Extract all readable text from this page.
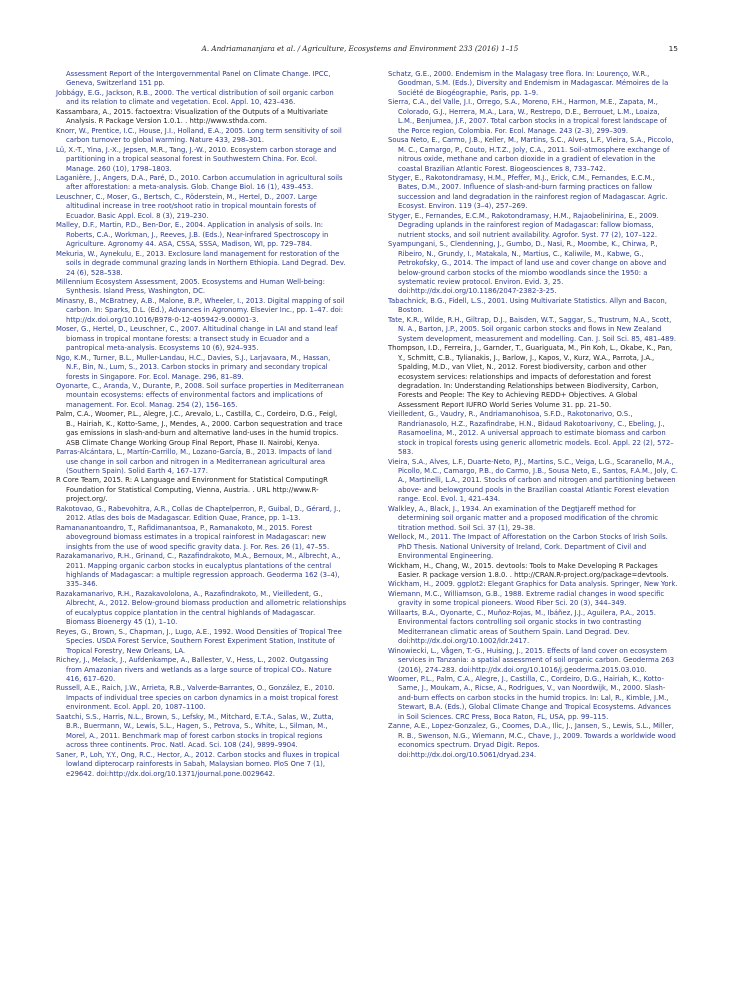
A. Andriamananjara et al. / Agriculture, Ecosystems and Environment 233 (2016) 1–15	15

Assessment Report of the Intergovernmental Panel on Climate Change. IPCC, Geneva, Switzerland 151 pp.

Jobbágy, E.G., Jackson, R.B., 2000. The vertical distribution of soil organic carbon and its relation to climate and vegetation. Ecol. Appl. 10, 423–436.

Kassambara, A., 2015. factoextra: Visualization of the Outputs of a Multivariate Analysis. R Package Version 1.0.1. . http://www.sthda.com.

Knorr, W., Prentice, I.C., House, J.I., Holland, E.A., 2005. Long term sensitivity of soil carbon turnover to global warming. Nature 433, 298–301.

Lü, X.-T., Yina, J.-X., Jepsen, M.R., Tang, J.-W., 2010. Ecosystem carbon storage and partitioning in a tropical seasonal forest in Southwestern China. For. Ecol. Manage. 260 (10), 1798–1803.

Laganière, J., Angers, D.A., Paré, D., 2010. Carbon accumulation in agricultural soils after afforestation: a meta-analysis. Glob. Change Biol. 16 (1), 439–453.

Leuschner, C., Moser, G., Bertsch, C., Röderstein, M., Hertel, D., 2007. Large altitudinal increase in tree root/shoot ratio in tropical mountain forests of Ecuador. Basic Appl. Ecol. 8 (3), 219–230.

Malley, D.F., Martin, P.D., Ben-Dor, E., 2004. Application in analysis of soils. In: Roberts, C.A., Workman, J., Reeves, J.B. (Eds.), Near-infrared Spectroscopy in Agriculture. Agronomy 44. ASA, CSSA, SSSA, Madison, WI, pp. 729–784.

Mekuria, W., Aynekulu, E., 2013. Exclosure land management for restoration of the soils in degrade communal grazing lands in Northern Ethiopia. Land Degrad. Dev. 24 (6), 528–538.

Millennium Ecosystem Assessment, 2005. Ecosystems and Human Well-being: Synthesis. Island Press, Washington, DC.

Minasny, B., McBratney, A.B., Malone, B.P., Wheeler, I., 2013. Digital mapping of soil carbon. In: Sparks, D.L. (Ed.), Advances in Agronomy. Elsevier Inc., pp. 1–47. doi: http://dx.doi.org/10.1016/B978-0-12-405942-9.00001-3.

Moser, G., Hertel, D., Leuschner, C., 2007. Altitudinal change in LAI and stand leaf biomass in tropical montane forests: a transect study in Ecuador and a pantropical meta-analysis. Ecosystems 10 (6), 924–935.

Ngo, K.M., Turner, B.L., Muller-Landau, H.C., Davies, S.J., Larjavaara, M., Hassan, N.F., Bin, N., Lum, S., 2013. Carbon stocks in primary and secondary tropical forests in Singapore. For. Ecol. Manage. 296, 81–89.

Oyonarte, C., Aranda, V., Durante, P., 2008. Soil surface properties in Mediterranean mountain ecosystems: effects of environmental factors and implications of management. For. Ecol. Manag. 254 (2), 156–165.

Palm, C.A., Woomer, P.L., Alegre, J.C., Arevalo, L., Castilla, C., Cordeiro, D.G., Feigl, B., Hairiah, K., Kotto-Same, J., Mendes, A., 2000. Carbon sequestration and trace gas emissions in slash-and-burn and alternative land-uses in the humid tropics. ASB Climate Change Working Group Final Report, Phase II. Nairobi, Kenya.

Parras-Alcántara, L., Martín-Carrillo, M., Lozano-García, B., 2013. Impacts of land use change in soil carbon and nitrogen in a Mediterranean agricultural area (Southern Spain). Solid Earth 4, 167–177.

R Core Team, 2015. R: A Language and Environment for Statistical ComputingR Foundation for Statistical Computing, Vienna, Austria. . URL http://www.R-project.org/.

Rakotovao, G., Rabevohitra, A.R., Collas de Chaptelperron, P., Guibal, D., Gérard, J., 2012. Atlas des bois de Madagascar. Edition Quae, France, pp. 1–13.

Ramananantoandro, T., Rafidimanantsoa, P., Ramanakoto, M., 2015. Forest aboveground biomass estimates in a tropical rainforest in Madagascar: new insights from the use of wood specific gravity data. J. For. Res. 26 (1), 47–55.

Razakamanarivo, R.H., Grinand, C., Razafindrakoto, M.A., Bernoux, M., Albrecht, A., 2011. Mapping organic carbon stocks in eucalyptus plantations of the central highlands of Madagascar: a multiple regression approach. Geoderma 162 (3–4), 335–346.

Razakamanarivo, R.H., Razakavololona, A., Razafindrakoto, M., Vieilledent, G., Albrecht, A., 2012. Below-ground biomass production and allometric relationships of eucalyptus coppice plantation in the central highlands of Madagascar. Biomass Bioenergy 45 (1), 1–10.

Reyes, G., Brown, S., Chapman, J., Lugo, A.E., 1992. Wood Densities of Tropical Tree Species. USDA Forest Service, Southern Forest Experiment Station, Institute of Tropical Forestry, New Orleans, LA.

Richey, J., Melack, J., Aufdenkampe, A., Ballester, V., Hess, L., 2002. Outgassing from Amazonian rivers and wetlands as a large source of tropical CO₂. Nature 416, 617–620.

Russell, A.E., Raich, J.W., Arrieta, R.B., Valverde-Barrantes, O., González, E., 2010. Impacts of individual tree species on carbon dynamics in a moist tropical forest environment. Ecol. Appl. 20, 1087–1100.

Saatchi, S.S., Harris, N.L., Brown, S., Lefsky, M., Mitchard, E.T.A., Salas, W., Zutta, B.R., Buermann, W., Lewis, S.L., Hagen, S., Petrova, S., White, L., Silman, M., Morel, A., 2011. Benchmark map of forest carbon stocks in tropical regions across three continents. Proc. Natl. Acad. Sci. 108 (24), 9899–9904.

Saner, P., Loh, Y.Y., Ong, R.C., Hector, A., 2012. Carbon stocks and fluxes in tropical lowland dipterocarp rainforests in Sabah, Malaysian borneo. PloS One 7 (1), e29642. doi:http://dx.doi.org/10.1371/journal.pone.0029642.

Schatz, G.E., 2000. Endemism in the Malagasy tree flora. In: Lourenço, W.R., Goodman, S.M. (Eds.), Diversity and Endemism in Madagascar. Mémoires de la Société de Biogéographie, Paris, pp. 1–9.

Sierra, C.A., del Valle, J.I., Orrego, S.A., Moreno, F.H., Harmon, M.E., Zapata, M., Colorado, G.J., Herrera, M.A., Lara, W., Restrepo, D.E., Berrouet, L.M., Loaiza, L.M., Benjumea, J.F., 2007. Total carbon stocks in a tropical forest landscape of the Porce region, Colombia. For. Ecol. Manage. 243 (2–3), 299–309.

Sousa Neto, E., Carmo, J.B., Keller, M., Martins, S.C., Alves, L.F., Vieira, S.A., Piccolo, M. C., Camargo, P., Couto, H.T.Z., Joly, C.A., 2011. Soil-atmosphere exchange of nitrous oxide, methane and carbon dioxide in a gradient of elevation in the coastal Brazilian Atlantic Forest. Biogeosciences 8, 733–742.

Styger, E., Rakotondramasy, H.M., Pfeffer, M.J., Erick, C.M., Fernandes, E.C.M., Bates, D.M., 2007. Influence of slash-and-burn farming practices on fallow succession and land degradation in the rainforest region of Madagascar. Agric. Ecosyst. Environ. 119 (3–4), 257–269.

Styger, E., Fernandes, E.C.M., Rakotondramasy, H.M., Rajaobelinirina, E., 2009. Degrading uplands in the rainforest region of Madagascar: fallow biomass, nutrient stocks, and soil nutrient availability. Agrofor. Syst. 77 (2), 107–122.

Syampungani, S., Clendenning, J., Gumbo, D., Nasi, R., Moombe, K., Chirwa, P., Ribeiro, N., Grundy, I., Matakala, N., Martius, C., Kaliwile, M., Kabwe, G., Petrokofsky, G., 2014. The impact of land use and cover change on above and below-ground carbon stocks of the miombo woodlands since the 1950: a systematic review protocol. Environ. Evid. 3, 25. doi:http://dx.doi.org/10.1186/2047-2382-3-25.

Tabachnick, B.G., Fidell, L.S., 2001. Using Multivariate Statistics. Allyn and Bacon, Boston.

Tate, K.R., Wilde, R.H., Giltrap, D.J., Baisden, W.T., Saggar, S., Trustrum, N.A., Scott, N. A., Barton, J.P., 2005. Soil organic carbon stocks and flows in New Zealand System development, measurement and modelling. Can. J. Soil Sci. 85, 481–489.

Thompson, I.D., Ferreira, J., Garnder, T., Guariguata, M., Pin Koh, L., Okabe, K., Pan, Y., Schmitt, C.B., Tylianakis, J., Barlow, J., Kapos, V., Kurz, W.A., Parrota, J.A., Spalding, M.D., van Vliet, N., 2012. Forest biodiversity, carbon and other ecosystem services: relationships and impacts of deforestation and forest degradation. In: Understanding Relationships between Biodiversity, Carbon, Forests and People: The Key to Achieving REDD+ Objectives. A Global Assessment Report IUFRO World Series Volume 31. pp. 21–50.

Vieilledent, G., Vaudry, R., Andriamanohisoa, S.F.D., Rakotonarivo, O.S., Randrianasolo, H.Z., Razafindrabe, H.N., Bidaud Rakotoarivony, C., Ebeling, J., Rasamoelina, M., 2012. A universal approach to estimate biomass and carbon stock in tropical forests using generic allometric models. Ecol. Appl. 22 (2), 572–583.

Vieira, S.A., Alves, L.F., Duarte-Neto, P.J., Martins, S.C., Veiga, L.G., Scaranello, M.A., Picollo, M.C., Camargo, P.B., do Carmo, J.B., Sousa Neto, E., Santos, F.A.M., Joly, C. A., Martinelli, L.A., 2011. Stocks of carbon and nitrogen and partitioning between above- and belowground pools in the Brazilian coastal Atlantic Forest elevation range. Ecol. Evol. 1, 421–434.

Walkley, A., Black, J., 1934. An examination of the Degtjareff method for determining soil organic matter and a proposed modification of the chromic titration method. Soil Sci. 37 (1), 29–38.

Wellock, M., 2011. The Impact of Afforestation on the Carbon Stocks of Irish Soils. PhD Thesis. National University of Ireland, Cork. Department of Civil and Environmental Engineering.

Wickham, H., Chang, W., 2015. devtools: Tools to Make Developing R Packages Easier. R package version 1.8.0. . http://CRAN.R-project.org/package=devtools.

Wickham, H., 2009. ggplot2: Elegant Graphics for Data analysis. Springer, New York.

Wiemann, M.C., Williamson, G.B., 1988. Extreme radial changes in wood specific gravity in some tropical pioneers. Wood Fiber Sci. 20 (3), 344–349.

Willaarts, B.A., Oyonarte, C., Muñoz-Rojas, M., Ibáñez, J.J., Aguilera, P.A., 2015. Environmental factors controlling soil organic stocks in two contrasting Mediterranean climatic areas of Southern Spain. Land Degrad. Dev. doi:http://dx.doi.org/10.1002/ldr.2417.

Winowiecki, L., Vågen, T.-G., Huising, J., 2015. Effects of land cover on ecosystem services in Tanzania: a spatial assessment of soil organic carbon. Geoderma 263 (2016), 274–283. doi:http://dx.doi.org/10.1016/j.geoderma.2015.03.010.

Woomer, P.L., Palm, C.A., Alegre, J., Castilla, C., Cordeiro, D.G., Hairiah, K., Kotto-Same, J., Moukam, A., Ricse, A., Rodrigues, V., van Noordwijk, M., 2000. Slash-and-burn effects on carbon stocks in the humid tropics. In: Lal, R., Kimble, J.M., Stewart, B.A. (Eds.), Global Climate Change and Tropical Ecosystems. Advances in Soil Sciences. CRC Press, Boca Raton, FL, USA, pp. 99–115.

Zanne, A.E., Lopez-Gonzalez, G., Coomes, D.A., Ilic, J., Jansen, S., Lewis, S.L., Miller, R. B., Swenson, N.G., Wiemann, M.C., Chave, J., 2009. Towards a worldwide wood economics spectrum. Dryad Digit. Repos. doi:http://dx.doi.org/10.5061/dryad.234.
